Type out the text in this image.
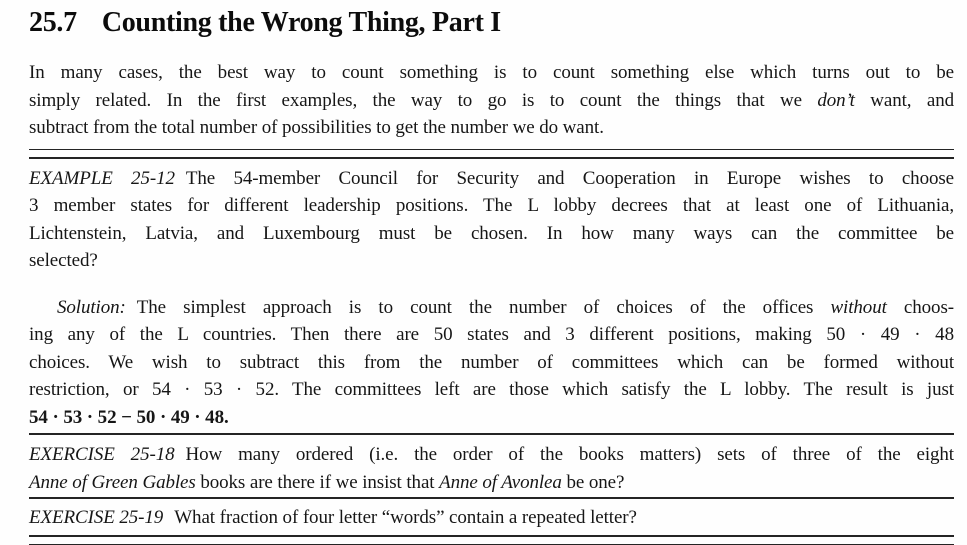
25.7 Counting the Wrong Thing, Part I
In many cases, the best way to count something is to count something else which turns out to be
simply related. In the first examples, the way to go is to count the things that we don’t want, and
subtract from the total number of possibilities to get the number we do want.
EXAMPLE 25-12 The 54-member Council for Security and Cooperation in Europe wishes to choose
3 member states for different leadership positions. The L lobby decrees that at least one of Lithuania,
Lichtenstein, Latvia, and Luxembourg must be chosen. In how many ways can the committee be
selected?
Solution: The simplest approach is to count the number of choices of the offices without choos-
ing any of the L countries. Then there are 50 states and 3 different positions, making 50 · 49 · 48
choices. We wish to subtract this from the number of committees which can be formed without
restriction, or 54 · 53 · 52. The committees left are those which satisfy the L lobby. The result is just
54 · 53 · 52 − 50 · 49 · 48.
EXERCISE 25-18 How many ordered (i.e. the order of the books matters) sets of three of the eight
Anne of Green Gables books are there if we insist that Anne of Avonlea be one?
EXERCISE 25-19 What fraction of four letter “words” contain a repeated letter?
